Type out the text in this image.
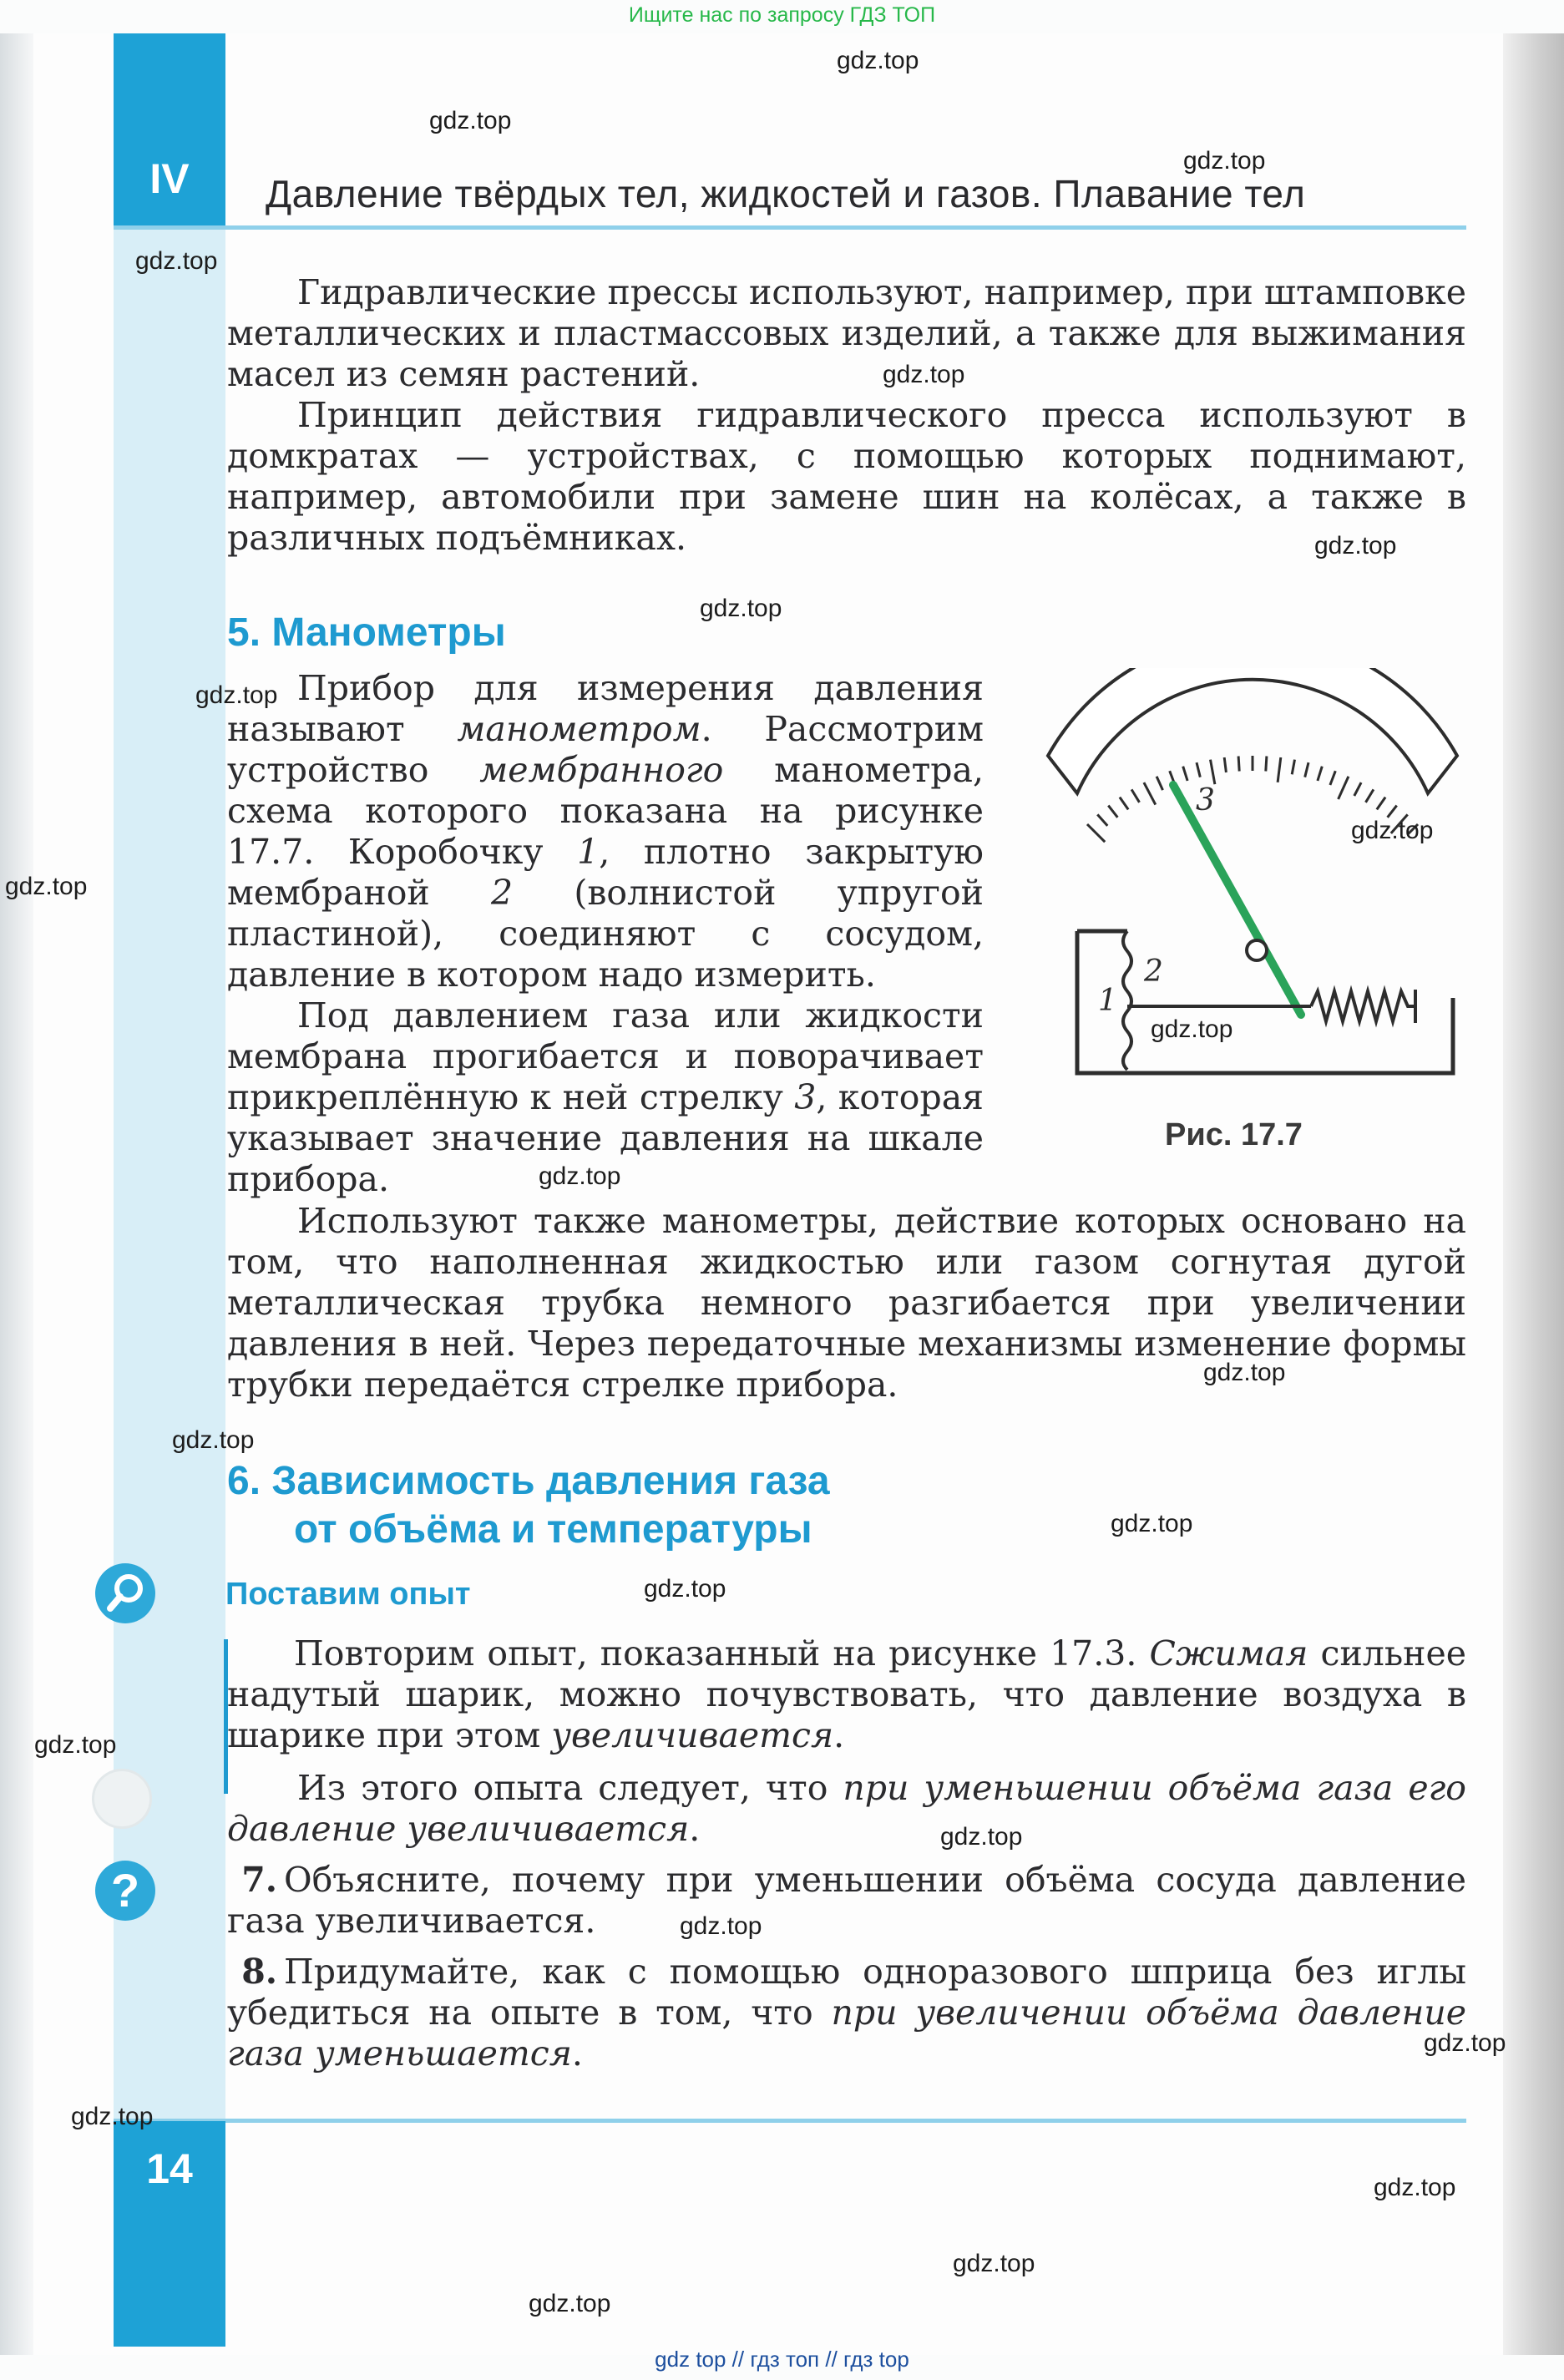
Ищите нас по запросу ГДЗ ТОП
IV	Давление твёрдых тел, жидкостей и газов. Плавание тел

Гидравлические прессы используют, например, при штамповке металлических и пластмассовых изделий, а также для выжимания масел из семян растений.

Принцип действия гидравлического пресса используют в домкратах — устройствах, с помощью которых поднимают, например, автомобили при замене шин на колёсах, а также в различных подъёмниках.

5. Манометры

Прибор для измерения давления называют манометром. Рассмотрим устройство мембранного манометра, схема которого показана на рисунке 17.7. Коробочку 1, плотно закрытую мембраной 2 (волнистой упругой пластиной), соединяют с сосудом, давление в котором надо измерить.

Под давлением газа или жидкости мембрана прогибается и поворачивает прикреплённую к ней стрелку 3, которая указывает значение давления на шкале прибора.

Используют также манометры, действие которых основано на том, что наполненная жидкостью или газом согнутая дугой металлическая трубка немного разгибается при увеличении давления в ней. Через передаточные механизмы изменение формы трубки передаётся стрелке прибора.

3
2
1
Рис. 17.7
6. Зависимость давления газа
от объёма и температуры
Поставим опыт

Повторим опыт, показанный на рисунке 17.3. Сжимая сильнее надутый шарик, можно почувствовать, что давление воздуха в шарике при этом увеличивается.

Из этого опыта следует, что при уменьшении объёма газа его давление увеличивается.

?	7. Объясните, почему при уменьшении объёма сосуда давление газа увеличивается.

8. Придумайте, как с помощью одноразового шприца без иглы убедиться на опыте в том, что при увеличении объёма давление газа уменьшается.

14
gdz.top
gdz.top
gdz.top
gdz.top
gdz.top
gdz.top
gdz.top
gdz.top
gdz.top
gdz.top
gdz.top
gdz.top
gdz.top
gdz.top
gdz.top
gdz.top
gdz.top
gdz.top
gdz.top
gdz.top
gdz.top
gdz.top
gdz.top
gdz.top
gdz top // гдз топ // гдз top
